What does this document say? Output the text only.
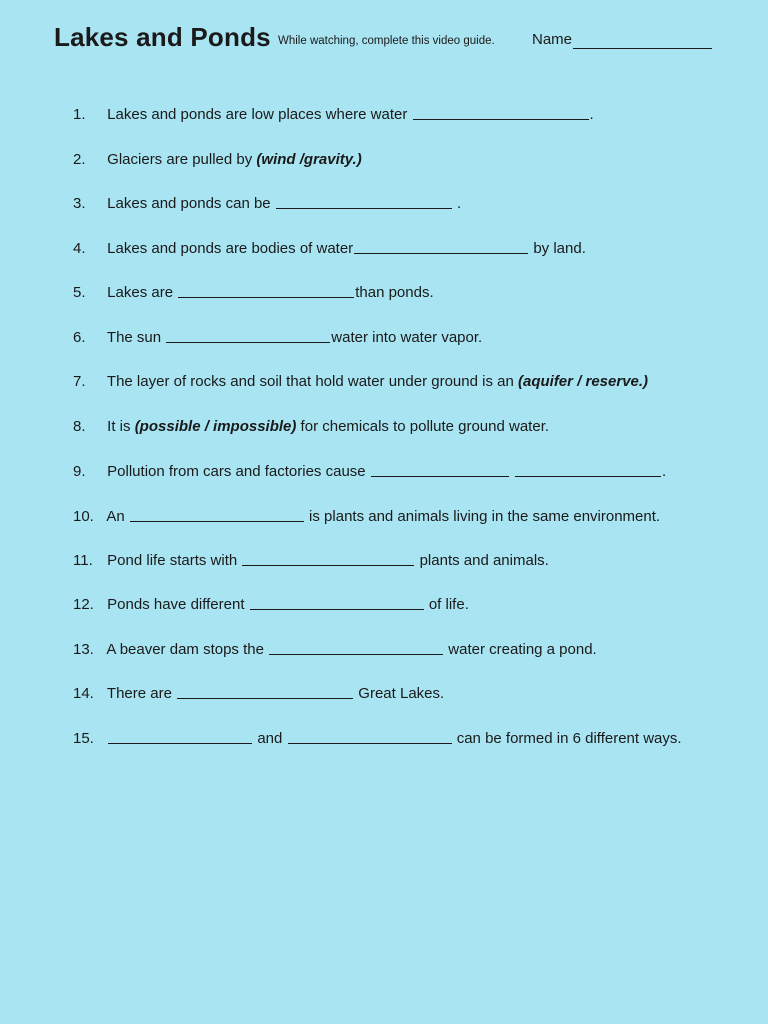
Lakes and Ponds While watching, complete this video guide. Name
1. Lakes and ponds are low places where water	.
2. Glaciers are pulled by (wind /gravity.)
3. Lakes and ponds can be	.
4. Lakes and ponds are bodies of water	by land.
5. Lakes are	than ponds.
6. The sun	water into water vapor.
7. The layer of rocks and soil that hold water under ground is an (aquifer / reserve.)
8. It is (possible / impossible) for chemicals to pollute ground water.
9. Pollution from cars and factories cause	.
10. An	is plants and animals living in the same environment.
11. Pond life starts with	plants and animals.
12. Ponds have different	of life.
13. A beaver dam stops the	water creating a pond.
14. There are	Great Lakes.
15.	and	can be formed in 6 different ways.
